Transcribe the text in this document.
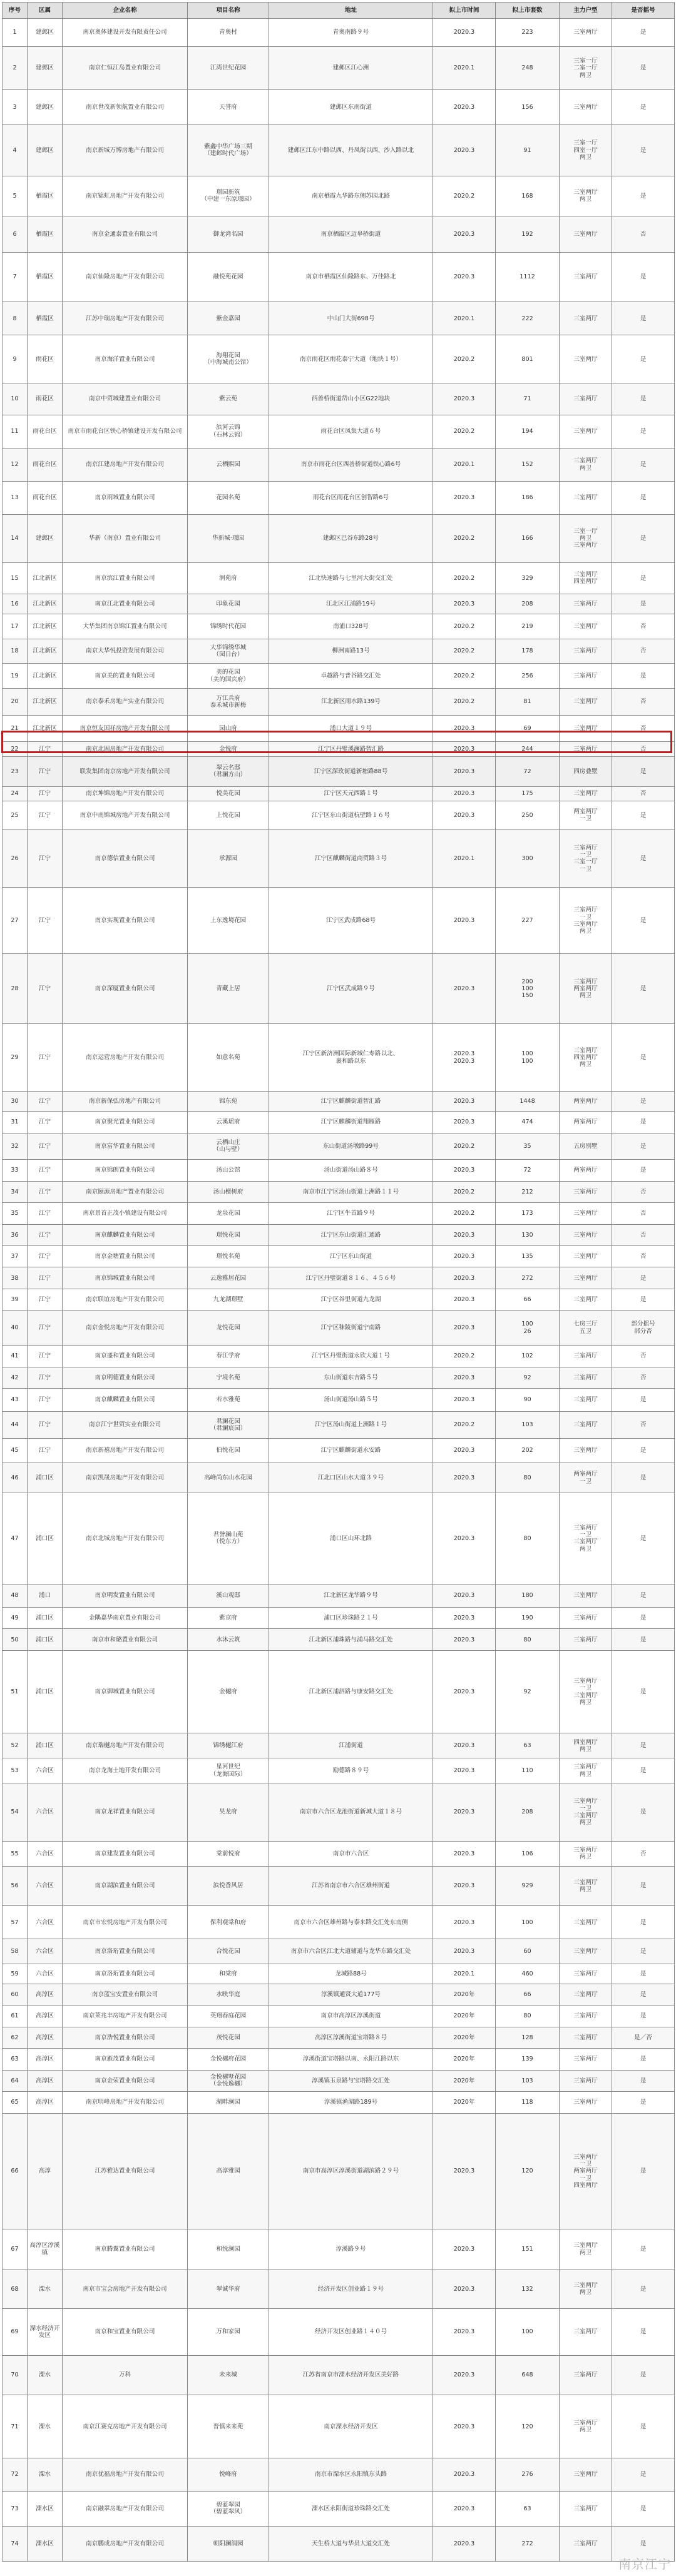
序号	区属	企业名称	项目名称	地址	拟上市时间	拟上市套数	主力户型	是否摇号
1	建邺区	南京奥体建设开发有限责任公司	青奥村	青奥南路９号	2020.3	223	三室两厅	是
2	建邺区	南京仁恒江岛置业有限公司	江湾世纪花园	建邺区江心洲	2020.1	248	三室一厅
二室一厅
两卫	是
3	建邺区	南京世茂新领航置业有限公司	天誉府	建邺区东南街道	2020.3	156	三室两厅	是
4	建邺区	南京新城万博房地产有限公司	紫鑫中华广场三期
（建邺时代广场）	建邺区江东中路以西、丹凤街以西、沙入路以北	2020.3	91	三室一厅
四室一厅
两卫	是
5	栖霞区	南京锦虹房地产开发有限公司	璟园新筑
（中建一东原璟园）	南京栖霞九华路东侧苏园北路	2020.2	168	三室两厅
两卫	是
6	栖霞区	南京金通泰置业有限公司	御龙湾名园	南京栖霞区迈皋桥街道	2020.3	192	三室两厅	否
7	栖霞区	南京仙隆房地产开发有限公司	融悦苑花园	南京市栖霞区仙隆路东、万佳路北	2020.3	1112	三室两厅	是
8	栖霞区	江苏中瑞房地产开发有限公司	紫金嘉园	中山门大街698号	2020.1	222	三室两厅	是
9	雨花区	南京海洋置业有限公司	海翔花园
（中海城南公馆）	南京雨花区雨花泰宁大道（地块１号）	2020.2	801	三室两厅	是
10	雨花区	南京中贸城建置业有限公司	紫云苑	西善桥街道岱山小区G22地块	2020.3	71	三室两厅	是
11	雨花台区	南京市雨花台区铁心桥镇建设开发有限公司	滨河云锦
（石林云锦）	雨花台区凤集大道６号	2020.2	194	三室两厅	是
12	雨花台区	南京江建房地产开发有限公司	云栖熙园	南京市雨花台区西善桥街道铁心路6号	2020.1	152	三室两厅
两卫	是
13	雨花台区	南京雨城置业有限公司	花园名苑	雨花台区雨花台区创智路6号	2020.3	186	三室两厅	是
14	建邺区	华新（南京）置业有限公司	华新城·璟园	建邺区巴谷东路28号	2020.2	166	三室一厅
两卫
三室两厅	是
15	江北新区	南京滨江置业有限公司	润苑府	江北快速路与七里河大街交汇处	2020.2	329	三室两厅
四室两厅	是
16	江北新区	南京江北置业有限公司	印象花园	江北区江浦路19号	2020.3	208	三室两厅	是
17	江北新区	大华集团南京锦江置业有限公司	锦绣时代花园	南浦口328号	2020.2	219	三室两厅	否
18	江北新区	南京大华悦投资发展有限公司	大华锦绣华城
（园日台）	柳洲南路13号	2020.2	178	三室两厅	否
19	江北新区	南京美的置业有限公司	美的花园
（美的国宾府）	卓越路与普谷路交汇处	2020.2	256	三室两厅	是
20	江北新区	南京泰禾房地产实业有限公司	万江兵府
泰禾城市新梅	江北新区雨水路139号	2020.2	81	三室两厅	否
21	江北新区	南京恒友国祥房地产开发有限公司	园山府	浦口大道１９号	2020.3	69	三室两厅	否
22	江宁	南京北固房地产开发有限公司	金悦府	江宁区丹璧溪澜路智汇路	2020.3	244	三室两厅	否
23	江宁	联发集团南京房地产开发有限公司	翠云名邸
（君澜方山）	江宁区深玫街道新塘路88号	2020.3	72	四房叠墅	是
24	江宁	南京坤锦房地产开发有限公司	悦美花园	江宁区天元西路１号	2020.3	175	三室两厅	否
25	江宁	南京中南锦城房地产开发有限公司	上悦花园	江宁区东山街道杭壁路１６号	2020.3	250	两室两厅
一卫	是
26	江宁	南京德信置业有限公司	承源园	江宁区麒麟街道商贸路３号	2020.1	300	三室两厅
一卫
三室一厅
一卫	是
27	江宁	南京实现置业有限公司	上东逸境花园	江宁区武成路68号	2020.3	227	三室两厅
一卫
三室两厅
两卫	是
28	江宁	南京深厦置业有限公司	青藏上居	江宁区武成路９号	2020.3	200
100
150	三室两厅
两室两厅
两卫	是
29	江宁	南京运营房地产开发有限公司	如意名苑	江宁区新济洲国际新城仁寿路以北、
裹和路以东	2020.3
2020.3	100
100	三室两厅
四室两厅
两卫	是
30	江宁	南京新保弘房地产有限公司	锦东苑	江宁区麒麟街道智汇路	2020.3	1448	两室两厅	是
31	江宁	南京聚光置业有限公司	云溪瑶府	江宁区麒麟街道翔雁路	2020.3	474	两室两厅	是
32	江宁	南京富华置业有限公司	云栖山庄
（山与壁）	东山街道汤墩路99号	2020.2	35	五房别墅	是
33	江宁	南京锦朗置业有限公司	汤山公馆	汤山街道汤山路８号	2020.3	72	两室两厅	是
34	江宁	南京颐源房地产置业有限公司	汤山檀树府	南京市江宁区汤山街道上洲路１１号	2020.2	212	三室两厅	否
35	江宁	南京景首正茂小镇建设有限公司	龙泉花园	江宁区牛首路９号	2020.2	173	三室两厅	否
36	江宁	南京麒麟置业有限公司	璟悦花园	江宁区东山街道汇通路	2020.3	130	三室两厅	否
37	江宁	南京金塘置业有限公司	璟悦名苑	江宁区东山街道	2020.3	135	三室两厅	否
38	江宁	南京锦城置业有限公司	云逸雅居花园	江宁区丹璧街道８１６、４５６号	2020.3	272	三室两厅	是
39	江宁	南京联谊房地产开发有限公司	九龙湖璟墅	江宁区谷里街道九龙湖	2020.3	66	三室两厅	是
40	江宁	南京金悦房地产开发有限公司	龙悦花园	江宁区秣陵街道宁南路	2020.3	100
26	七房三厅
五卫	部分摇号
部分否
41	江宁	南京盛和置业有限公司	春江学府	江宁区丹璧街道永欣大道１号	2020.2	102	三室两厅	否
42	江宁	南京明德置业有限公司	宁境名苑	东山街道东吉路５号	2020.3	92	三室两厅	否
43	江宁	南京麒麟置业有限公司	若水雅苑	汤山街道汤山路５号	2020.3	90	三室两厅	是
44	江宁	南京江宁世贸实业有限公司	君澜花园
（君澜宸园）	江宁区汤山街道上洲路１号	2020.2	103	三室两厅	否
45	江宁	南京新禧房地产开发有限公司	伯悦花园	江宁区麒麟街道永安路	2020.3	202	三室两厅	是
46	浦口区	南京凯晟房地产开发有限公司	高峰尚东山水花园	江北口区山水大道３９号	2020.3	80	两室两厅
一卫	是
47	浦口区	南京北城房地产开发有限公司	君誉澜山苑
（悦东方）	浦口区山环北路	2020.3	80	三室两厅
一卫
三室两厅
两卫	是
48	浦口	南京明发置业有限公司	溪山观邸	江北新区龙华路９号	2020.3	180	三室两厅	是
49	浦口区	金隅嘉华南京置业有限公司	紫京府	浦口区珍珠路２１号	2020.3	190	三室两厅	是
50	浦口区	南京市和璐置业有限公司	水沐云筑	江北新区浦珠路与浦马路交汇处	2020.3	80	三室两厅	是
51	浦口区	南京御城置业有限公司	金樾府	江北新区浦泗路与康安路交汇处	2020.3	92	三室两厅
一卫
三室两厅
两卫	是
52	浦口区	南京瑞樾房地产开发有限公司	锦绣樾江府	江浦街道	2020.3	63	四室两厅
两卫	是
53	六合区	南京龙海土地开发有限公司	星河世纪
（龙海国际）	励德路８９号	2020.3	110	三室两厅
两卫	是
54	六合区	南京龙祥置业有限公司	昊龙府	南京市六合区龙池街道新城大道１８号	2020.3	208	三室两厅
一卫
三室两厅
两卫	是
55	六合区	南京建发置业有限公司	棠前悦府	南京市六合区	2020.3	106	三室两厅
两卫	否
56	六合区	南京湖滨置业有限公司	滨悦香风居	江苏省南京市六合区雄州街道	2020.3	929	三室两厅
两卫	是
57	六合区	南京市宏悦房地产开发有限公司	保利观棠和府	南京市六合区雄州路与泰来路交汇处东南侧	2020.3	100	三室两厅	是
58	六合区	南京洛珩置业有限公司	合悦花园	南京市六合区江北大道辅道与龙华东路交汇处	2020.3	60	三室两厅	是
59	六合区	南京洛珩置业有限公司	和棠府	龙城路88号	2020.1	460	三室两厅	是
60	高淳区	南京蓝宝安置业有限公司	水映华庭	淳溪镇通贤大道177号	2020年	66	三室两厅	是
61	高淳区	南京莱兆丰房地产开发有限公司	英翔春庭花园	南京市高淳区淳溪街道	2020年	80	三室两厅	是
62	高淳区	南京浩悦置业有限公司	茂悦花园	高淳区淳溪街道宝塔路８号	2020年	128	三室两厅	是／否
63	高淳区	南京雁茂置业有限公司	金悦樾府花园	淳溪街道宝塔路以南、永阳江路以东	2020年	139	三室两厅	是
64	高淳区	南京金荣置业有限公司	金悦樾墅花园
（金悦逸樾）	淳溪镇玉泉路与宝塔路交汇处	2020年	103	三室两厅	是
65	高淳区	南京明峰房地产开发有限公司	湖畔澜园	淳溪镇渔湖路189号	2020年	118	三室两厅	是
66	高淳	江苏雅达置业有限公司	高淳雅园	南京市高淳区淳溪街道湖滨路２９号	2020.3	120	三室两厅
一卫
两室两厅
一卫
四室两厅	是
67	高淳区淳溪镇	南京腾翼置业有限公司	和悦澜园	淳溪路９号	2020.3	151	三室两厅
两卫	是
68	溧水	南京市宝会房地产开发有限公司	翠诚华府	经济开发区创业路１９号	2020.3	132	三室两厅
两卫	是
69	溧水经济开发区	南京和宝置业有限公司	万和家园	经济开发区创业路１４０号	2020.3	100	三室两厅	是
70	溧水	万科	未来城	江苏省南京市溧水经济开发区美好路	2020.3	648	三室两厅	是
71	溧水	南京江赛克房地产开发有限公司	晋慎来来苑	南京溧水经济开发区	2020.3	120	三室两厅
两卫	是
72	溧水	南京优福房地产开发有限公司	悦峰府	南京市溧水区永阳镇东头路	2020.3	276	三室两厅	是
73	溧水区	南京融翠房地产开发有限公司	碧蓝翠园
（碧蓝翠风）	溧水区永阳街道珍珠路交汇处	2020.3	63	三室两厅	是
74	溧水区	南京鹏成房地产开发有限公司	朝阳澜润园	天生桥大道与华员大道交汇处	2020.3	272	三室两厅	是
南京江宁
